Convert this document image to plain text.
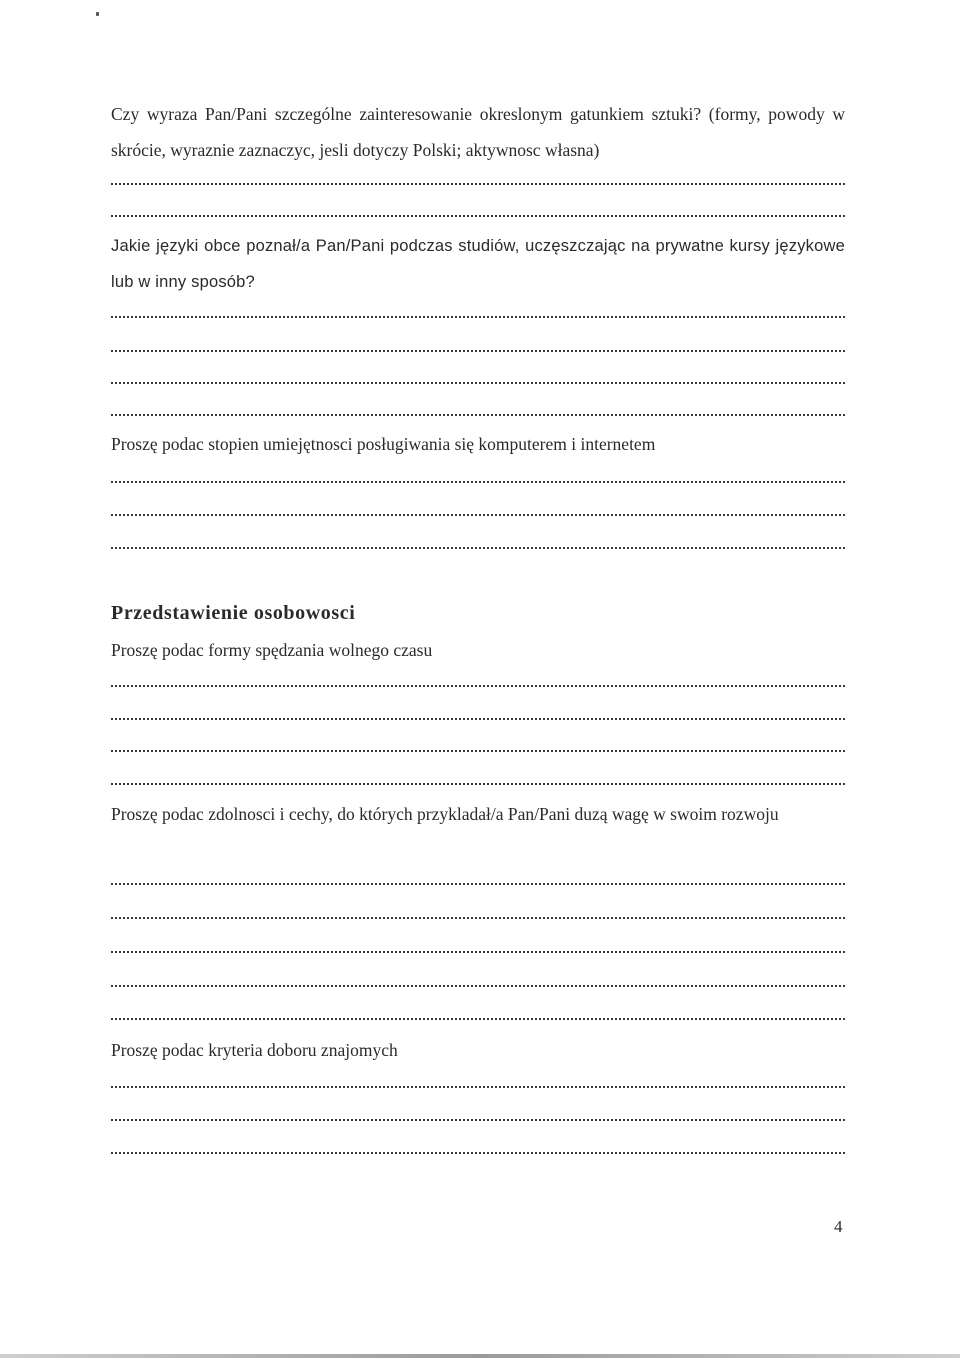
Czy wyraza Pan/Pani szczególne zainteresowanie okreslonym gatunkiem sztuki? (formy, powody w skrócie, wyraznie zaznaczyc, jesli dotyczy Polski; aktywnosc własna)

Jakie języki obce poznał/a Pan/Pani podczas studiów, uczęszczając na prywatne kursy językowe lub w inny sposób?

Proszę podac stopien umiejętnosci posługiwania się komputerem i internetem

Przedstawienie osobowosci

Proszę podac formy spędzania wolnego czasu

Proszę podac zdolnosci i cechy, do których przykladał/a Pan/Pani duzą wagę w swoim rozwoju

Proszę podac kryteria doboru znajomych

4
